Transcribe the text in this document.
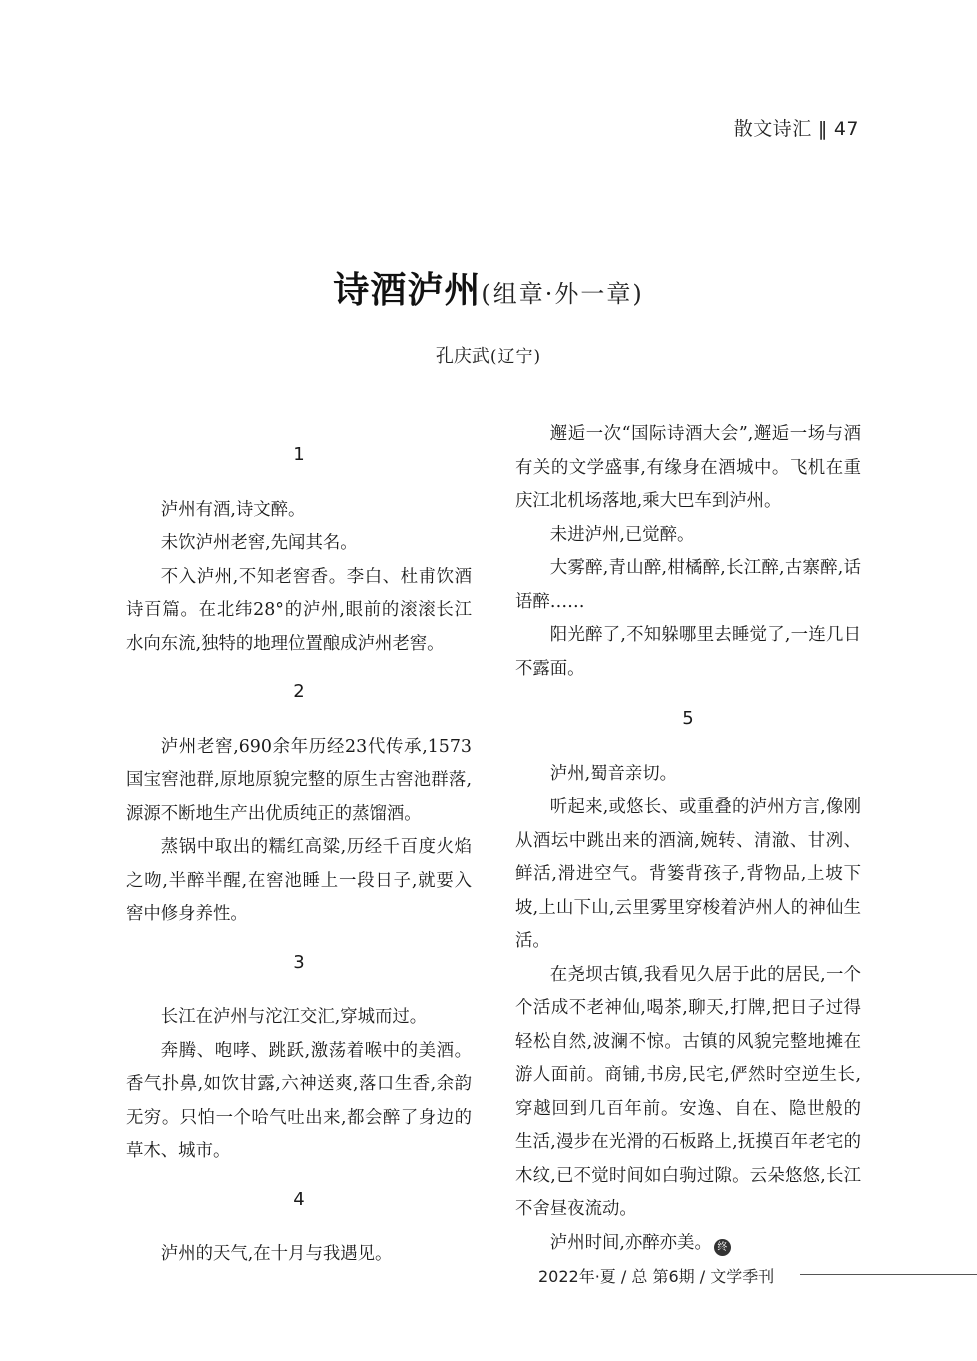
散文诗汇 ‖ 47
诗酒泸州(组章·外一章)
孔庆武(辽宁)
1

泸州有酒,诗文醉。

未饮泸州老窖,先闻其名。

不入泸州,不知老窖香。李白、杜甫饮酒诗百篇。在北纬28°的泸州,眼前的滚滚长江水向东流,独特的地理位置酿成泸州老窖。

2

泸州老窖,690余年历经23代传承,1573国宝窖池群,原地原貌完整的原生古窖池群落,源源不断地生产出优质纯正的蒸馏酒。

蒸锅中取出的糯红高粱,历经千百度火焰之吻,半醉半醒,在窖池睡上一段日子,就要入窖中修身养性。

3

长江在泸州与沱江交汇,穿城而过。

奔腾、咆哮、跳跃,激荡着喉中的美酒。香气扑鼻,如饮甘露,六神送爽,落口生香,余韵无穷。只怕一个哈气吐出来,都会醉了身边的草木、城市。

4

泸州的天气,在十月与我遇见。

邂逅一次“国际诗酒大会”,邂逅一场与酒有关的文学盛事,有缘身在酒城中。飞机在重庆江北机场落地,乘大巴车到泸州。

未进泸州,已觉醉。

大雾醉,青山醉,柑橘醉,长江醉,古寨醉,话语醉……

阳光醉了,不知躲哪里去睡觉了,一连几日不露面。

5

泸州,蜀音亲切。

听起来,或悠长、或重叠的泸州方言,像刚从酒坛中跳出来的酒滴,婉转、清澈、甘冽、鲜活,滑进空气。背篓背孩子,背物品,上坡下坡,上山下山,云里雾里穿梭着泸州人的神仙生活。

在尧坝古镇,我看见久居于此的居民,一个个活成不老神仙,喝茶,聊天,打牌,把日子过得轻松自然,波澜不惊。古镇的风貌完整地摊在游人面前。商铺,书房,民宅,俨然时空逆生长,穿越回到几百年前。安逸、自在、隐世般的生活,漫步在光滑的石板路上,抚摸百年老宅的木纹,已不觉时间如白驹过隙。云朵悠悠,长江不舍昼夜流动。

泸州时间,亦醉亦美。 终

2022年·夏 / 总 第6期 / 文学季刊
